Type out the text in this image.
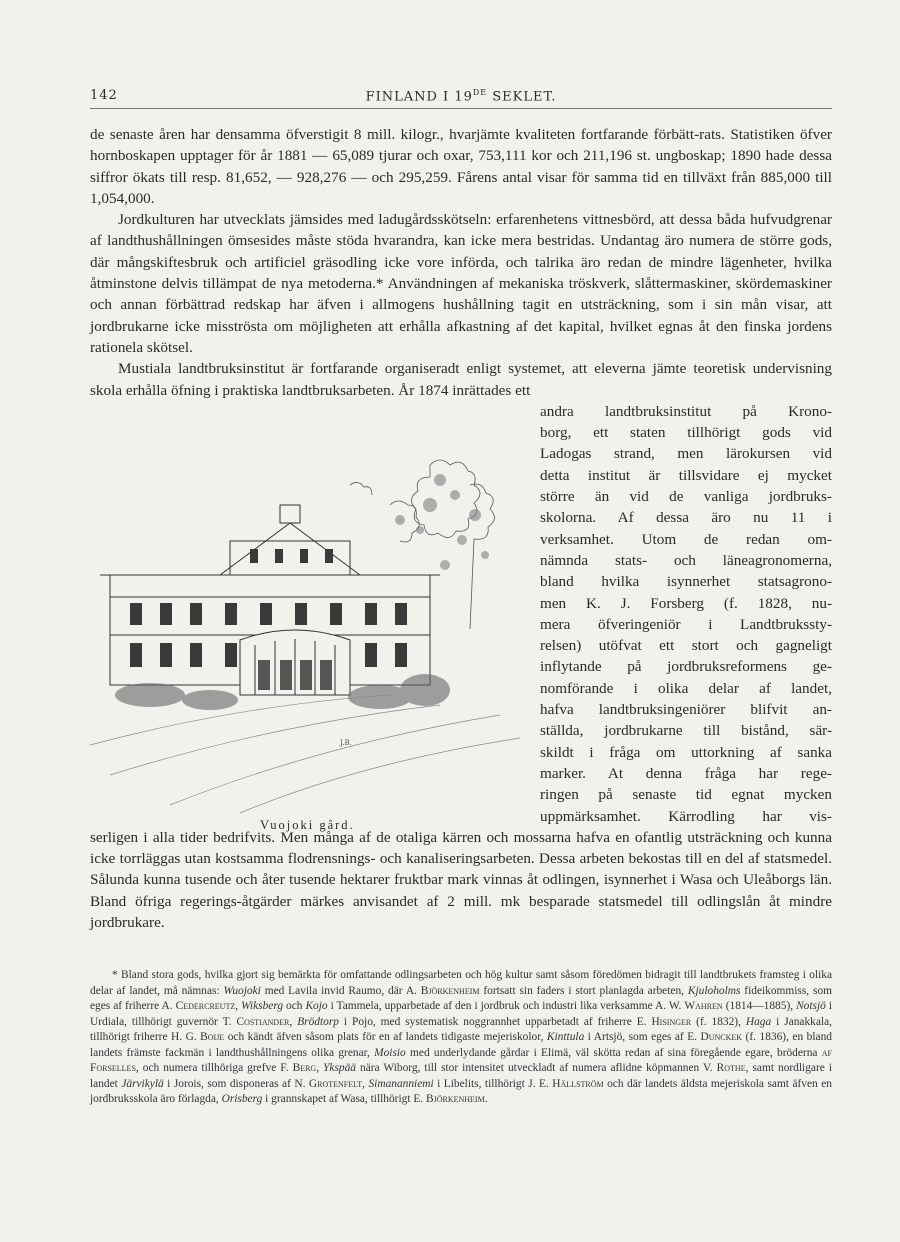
142	FINLAND I 19DE SEKLET.

de senaste åren har densamma öfverstigit 8 mill. kilogr., hvarjämte kvaliteten fortfarande förbätt-rats. Statistiken öfver hornboskapen upptager för år 1881 — 65,089 tjurar och oxar, 753,111 kor och 211,196 st. ungboskap; 1890 hade dessa siffror ökats till resp. 81,652, — 928,276 — och 295,259. Fårens antal visar för samma tid en tillväxt från 885,000 till 1,054,000.

Jordkulturen har utvecklats jämsides med ladugårdsskötseln: erfarenhetens vittnesbörd, att dessa båda hufvudgrenar af landthushållningen ömsesides måste stöda hvarandra, kan icke mera bestridas. Undantag äro numera de större gods, där mångskiftesbruk och artificiel gräsodling icke vore införda, och talrika äro redan de mindre lägenheter, hvilka åtminstone delvis tillämpat de nya metoderna.* Användningen af mekaniska tröskverk, slåttermaskiner, skördemaskiner och annan förbättrad redskap har äfven i allmogens hushållning tagit en utsträckning, som i sin mån visar, att jordbrukarne icke misströsta om möjligheten att erhålla afkastning af det kapital, hvilket egnas åt den finska jordens rationela skötsel.

Mustiala landtbruksinstitut är fortfarande organiseradt enligt systemet, att eleverna jämte teoretisk undervisning skola erhålla öfning i praktiska landtbruksarbeten. År 1874 inrättades ett

andra landtbruksinstitut på Krono-
borg, ett staten tillhörigt gods vid
Ladogas strand, men lärokursen vid
detta institut är tillsvidare ej mycket
större än vid de vanliga jordbruks-
skolorna. Af dessa äro nu 11 i
verksamhet. Utom de redan om-
nämnda stats- och läneagronomerna,
bland hvilka isynnerhet statsagrono-
men K. J. Forsberg (f. 1828, nu-
mera öfveringeniör i Landtbrukssty-
relsen) utöfvat ett stort och gagneligt
inflytande på jordbruksreformens ge-
nomförande i olika delar af landet,
hafva landtbruksingeniörer blifvit an-
ställda, jordbrukarne till bistånd, sär-
skildt i fråga om uttorkning af sanka
marker. At denna fråga har rege-
ringen på senaste tid egnat mycken
uppmärksamhet. Kärrodling har vis-

serligen i alla tider bedrifvits. Men många af de otaliga kärren och mossarna hafva en ofantlig utsträckning och kunna icke torrläggas utan kostsamma flodrensnings- och kanaliseringsarbeten. Dessa arbeten bekostas till en del af statsmedel. Sålunda kunna tusende och åter tusende hektarer fruktbar mark vinnas åt odlingen, isynnerhet i Wasa och Uleåborgs län. Bland öfriga regerings-åtgärder märkes anvisandet af 2 mill. mk besparade statsmedel till odlingslån åt mindre jordbrukare.

J.B.
Vuojoki gård.

* Bland stora gods, hvilka gjort sig bemärkta för omfattande odlingsarbeten och hög kultur samt såsom föredömen bidragit till landtbrukets framsteg i olika delar af landet, må nämnas: Wuojoki med Lavila invid Raumo, där A. Björkenheim fortsatt sin faders i stort planlagda arbeten, Kjuloholms fideikommiss, som eges af friherre A. Cedercreutz, Wiksberg och Kojo i Tammela, upparbetade af den i jordbruk och industri lika verksamme A. W. Wahren (1814—1885), Notsjö i Urdiala, tillhörigt guvernör T. Costiander, Brödtorp i Pojo, med systematisk noggrannhet upparbetadt af friherre E. Hisinger (f. 1832), Haga i Janakkala, tillhörigt friherre H. G. Boije och kändt äfven såsom plats för en af landets tidigaste mejeriskolor, Kinttula i Artsjö, som eges af E. Dunckek (f. 1836), en bland landets främste fackmän i landthushållningens olika grenar, Moisio med underlydande gårdar i Elimä, väl skötta redan af sina föregående egare, bröderna af Forselles, och numera tillhöriga grefve F. Berg, Ykspää nära Wiborg, till stor intensitet utveckladt af numera aflidne köpmannen V. Rothe, samt nordligare i landet Järvikylä i Jorois, som disponeras af N. Grotenfelt, Simananniemi i Libelits, tillhörigt J. E. Hällström och där landets äldsta mejeriskola samt äfven en jordbruksskola äro förlagda, Orisberg i grannskapet af Wasa, tillhörigt E. Björkenheim.
